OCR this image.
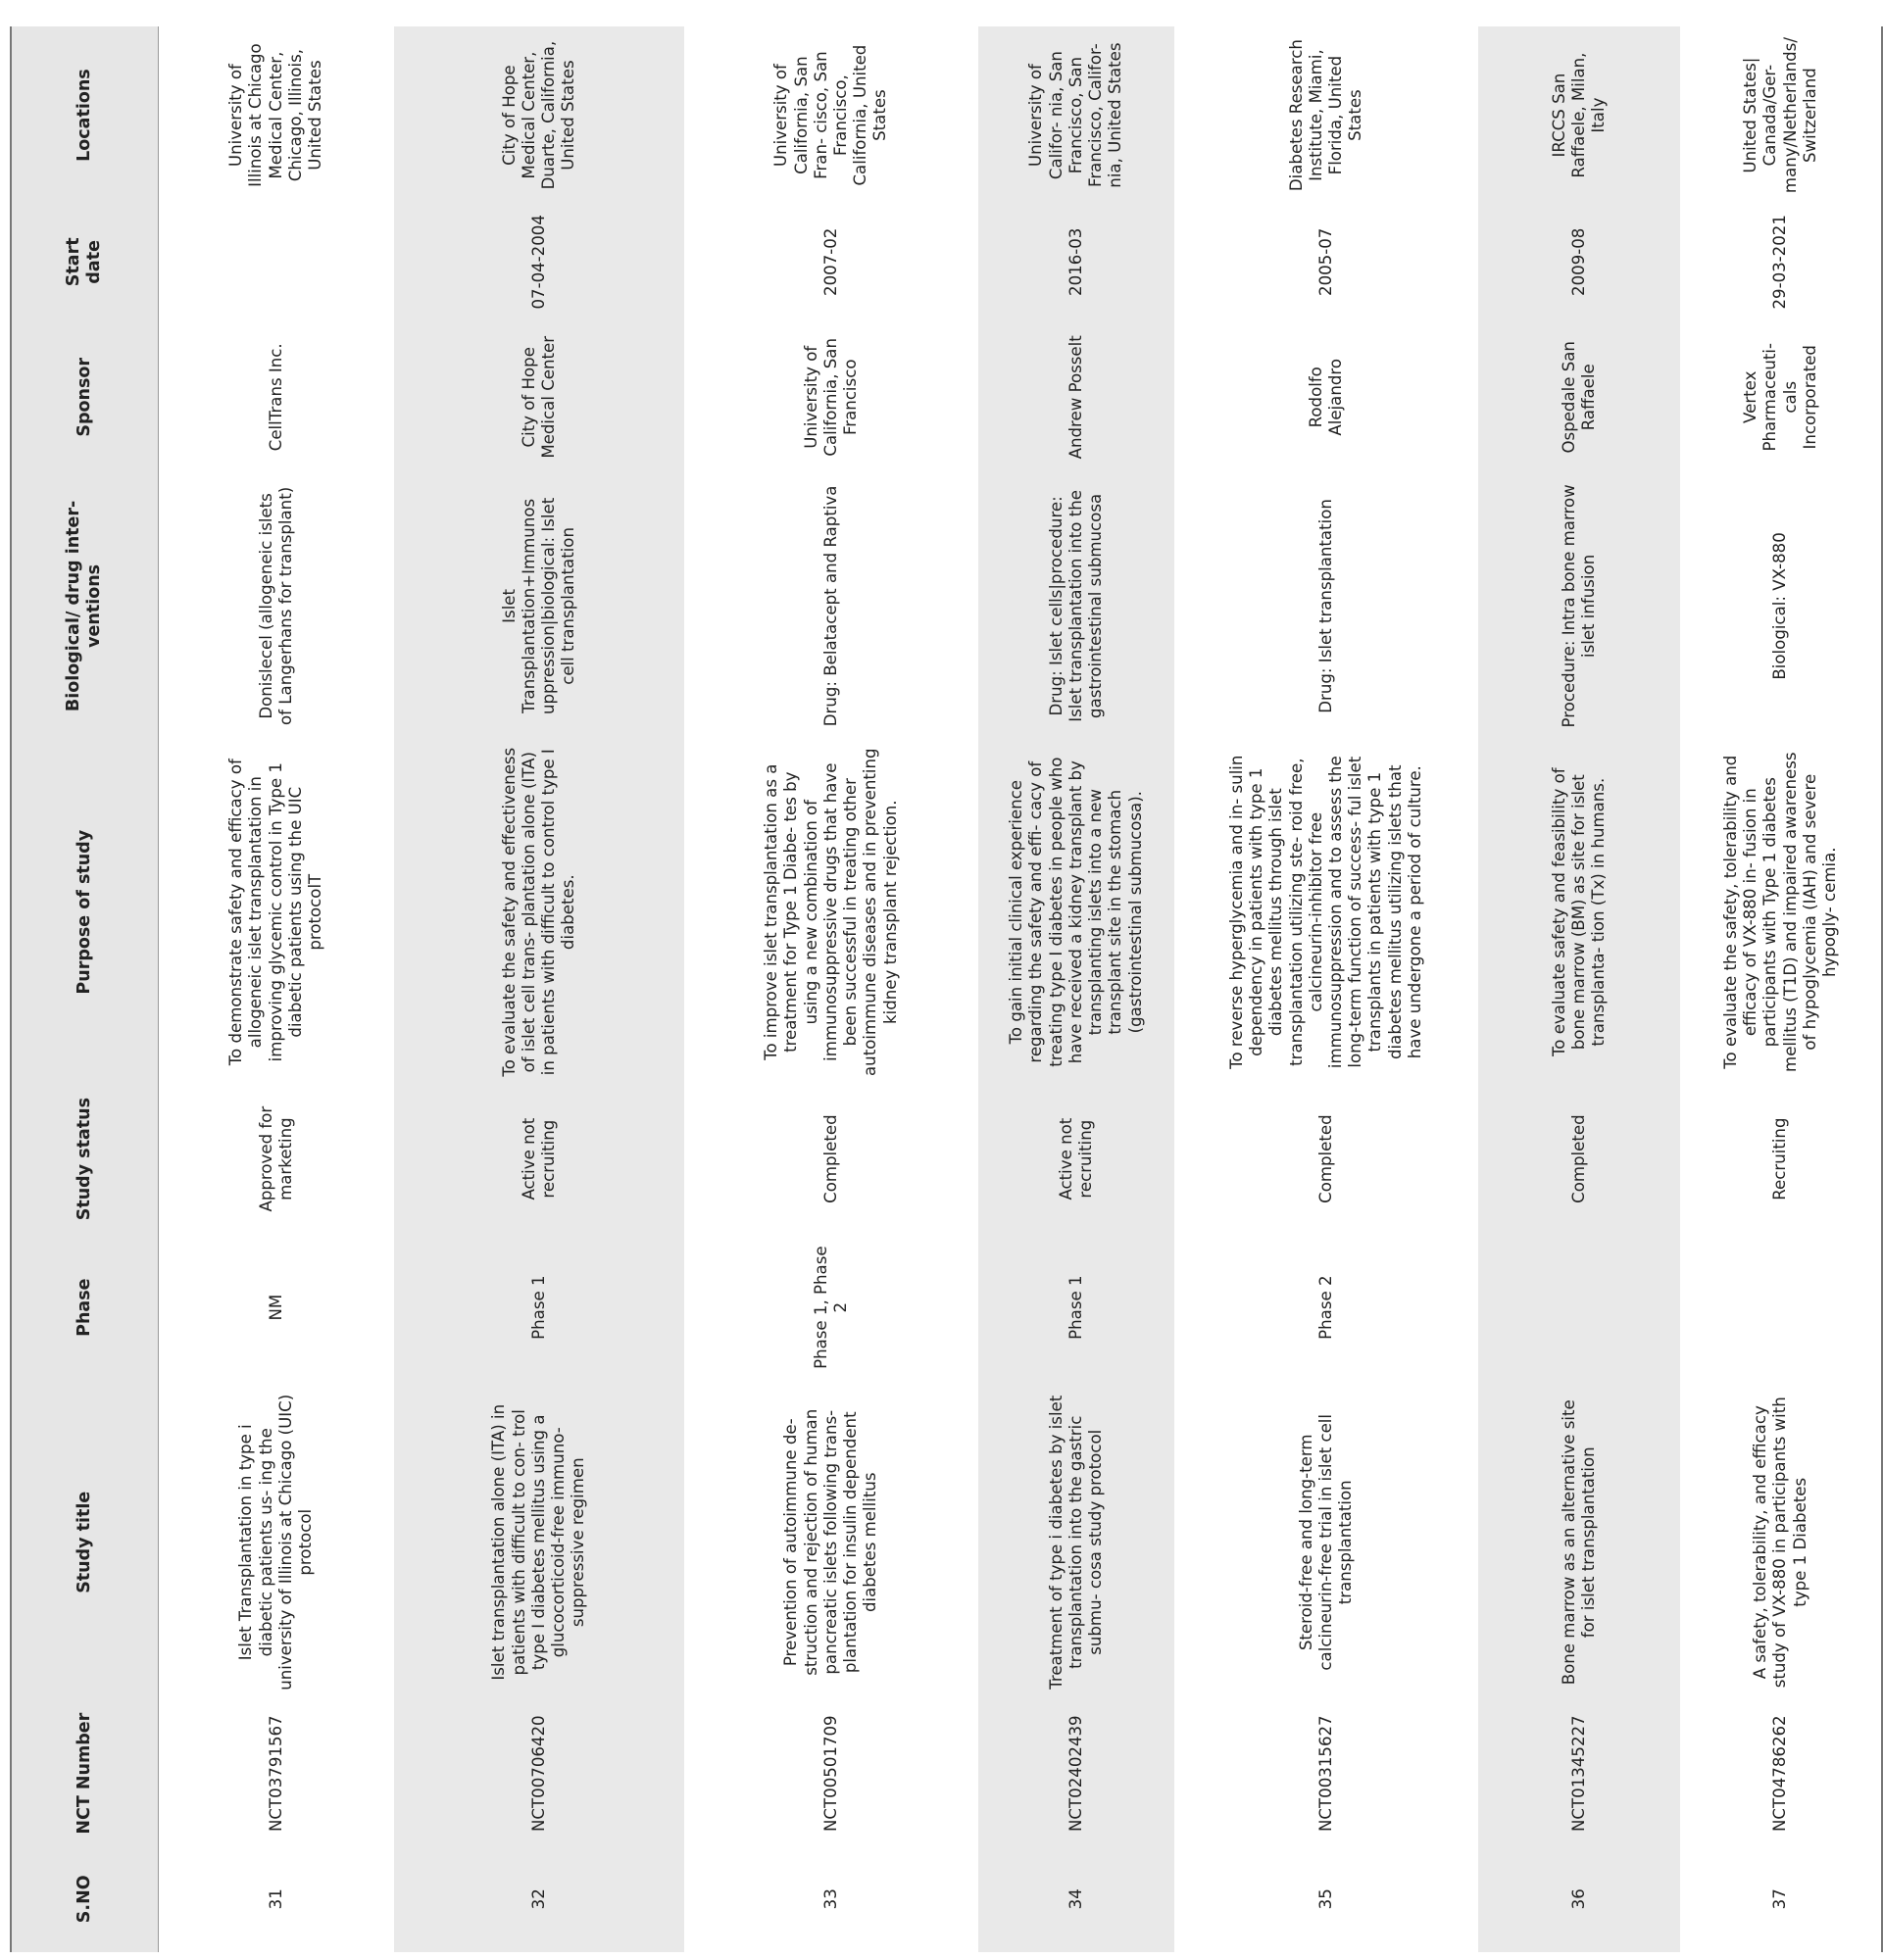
S.NO	NCT Number	Study title	Phase	Study status	Purpose of study	Biological/ drug inter- ventions	Sponsor	Start date	Locations
31	NCT03791567	Islet Transplantation in type i diabetic patients us- ing the university of Illinois at Chicago (UIC) protocol	NM	Approved for marketing	To demonstrate safety and efficacy of allogeneic islet transplantation in improving glycemic control in Type 1 diabetic patients using the UIC protocolT	Donislecel (allogeneic islets of Langerhans for transplant)	CellTrans Inc.		University of Illinois at Chicago Medical Center, Chicago, Illinois, United States
32	NCT00706420	Islet transplantation alone (ITA) in patients with difficult to con- trol type I diabetes mellitus using a glucocorticoid-free immuno- suppressive regimen	Phase 1	Active not recruiting	To evaluate the safety and effectiveness of islet cell trans- plantation alone (ITA) in patients with difficult to control type I diabetes.	Islet Transplantation+Immunos uppression|biological: Islet cell transplantation	City of Hope Medical Center	07-04-2004	City of Hope Medical Center, Duarte, California, United States
33	NCT00501709	Prevention of autoimmune de- struction and rejection of human pancreatic islets following trans- plantation for insulin dependent diabetes mellitus	Phase 1, Phase 2	Completed	To improve islet transplantation as a treatment for Type 1 Diabe- tes by using a new combination of immunosuppressive drugs that have been successful in treating other autoimmune diseases and in preventing kidney transplant rejection.	Drug: Belatacept and Raptiva	University of California, San Francisco	2007-02	University of California, San Fran- cisco, San Francisco, California, United States
34	NCT02402439	Treatment of type i diabetes by islet transplantation into the gastric submu- cosa study protocol	Phase 1	Active not recruiting	To gain initial clinical experience regarding the safety and effi- cacy of treating type I diabetes in people who have received a kidney transplant by transplanting islets into a new transplant site in the stomach (gastrointestinal submucosa).	Drug: Islet cells|procedure: Islet transplantation into the gastrointestinal submucosa	Andrew Posselt	2016-03	University of Califor- nia, San Francisco, San Francisco, Califor- nia, United States
35	NCT00315627	Steroid-free and long-term calcineurin-free trial in islet cell transplantation	Phase 2	Completed	To reverse hyperglycemia and in- sulin dependency in patients with type 1 diabetes mellitus through islet transplantation utilizing ste- roid free, calcineurin-inhibitor free immunosuppression and to assess the long-term function of success- ful islet transplants in patients with type 1 diabetes mellitus utilizing islets that have undergone a period of culture.	Drug: Islet transplantation	Rodolfo Alejandro	2005-07	Diabetes Research Institute, Miami, Florida, United States
36	NCT01345227	Bone marrow as an alternative site for islet transplantation		Completed	To evaluate safety and feasibility of bone marrow (BM) as site for islet transplanta- tion (Tx) in humans.	Procedure: Intra bone marrow islet infusion	Ospedale San Raffaele	2009-08	IRCCS San Raffaele, Milan, Italy
37	NCT04786262	A safety, tolerability, and efficacy study of VX-880 in participants with type 1 Diabetes		Recruiting	To evaluate the safety, tolerability and efficacy of VX-880 in- fusion in participants with Type 1 diabetes mellitus (T1D) and impaired awareness of hypoglycemia (IAH) and severe hypogly- cemia.	Biological: VX-880	Vertex Pharmaceuti- cals Incorporated	29-03-2021	United States| Canada/Ger- many/Netherlands/ Switzerland
